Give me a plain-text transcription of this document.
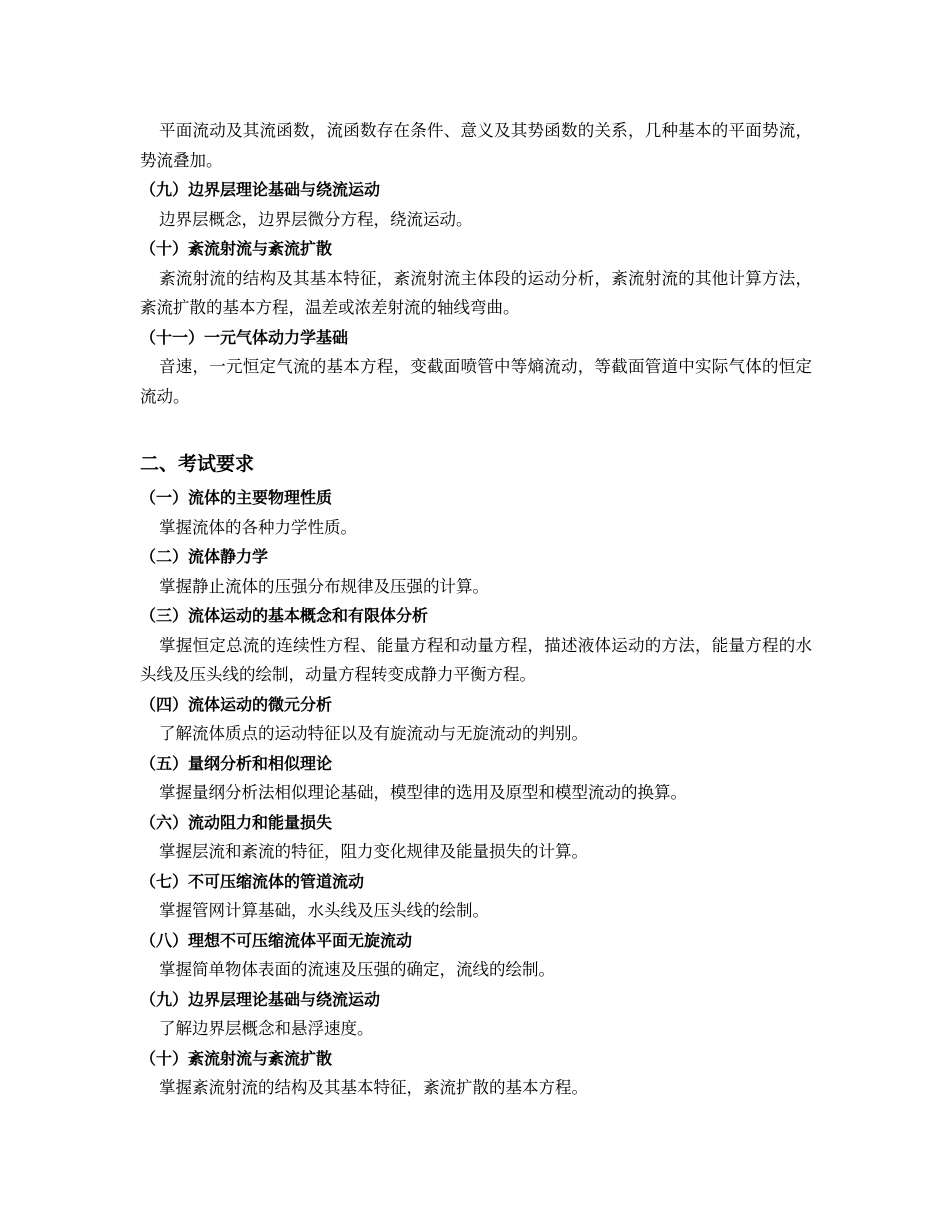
平面流动及其流函数，流函数存在条件、意义及其势函数的关系，几种基本的平面势流，势流叠加。

（九）边界层理论基础与绕流运动

边界层概念，边界层微分方程，绕流运动。

（十）紊流射流与紊流扩散

紊流射流的结构及其基本特征，紊流射流主体段的运动分析，紊流射流的其他计算方法，紊流扩散的基本方程，温差或浓差射流的轴线弯曲。

（十一）一元气体动力学基础

音速，一元恒定气流的基本方程，变截面喷管中等熵流动，等截面管道中实际气体的恒定流动。

二、考试要求

（一）流体的主要物理性质

掌握流体的各种力学性质。

（二）流体静力学

掌握静止流体的压强分布规律及压强的计算。

（三）流体运动的基本概念和有限体分析

掌握恒定总流的连续性方程、能量方程和动量方程，描述液体运动的方法，能量方程的水头线及压头线的绘制，动量方程转变成静力平衡方程。

（四）流体运动的微元分析

了解流体质点的运动特征以及有旋流动与无旋流动的判别。

（五）量纲分析和相似理论

掌握量纲分析法相似理论基础，模型律的选用及原型和模型流动的换算。

（六）流动阻力和能量损失

掌握层流和紊流的特征，阻力变化规律及能量损失的计算。

（七）不可压缩流体的管道流动

掌握管网计算基础，水头线及压头线的绘制。

（八）理想不可压缩流体平面无旋流动

掌握简单物体表面的流速及压强的确定，流线的绘制。

（九）边界层理论基础与绕流运动

了解边界层概念和悬浮速度。

（十）紊流射流与紊流扩散

掌握紊流射流的结构及其基本特征，紊流扩散的基本方程。
